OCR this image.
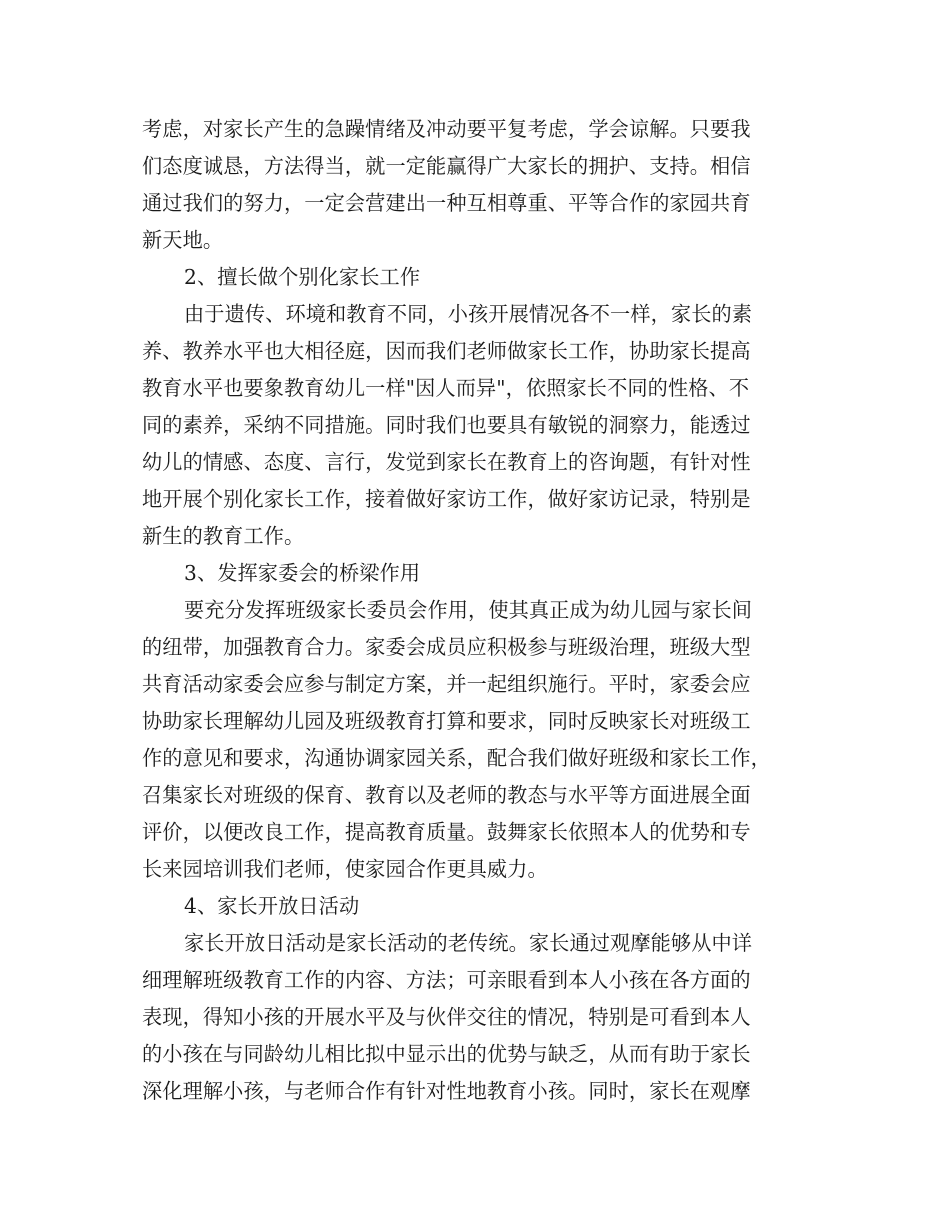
考虑，对家长产生的急躁情绪及冲动要平复考虑，学会谅解。只要我
们态度诚恳，方法得当，就一定能赢得广大家长的拥护、支持。相信
通过我们的努力，一定会营建出一种互相尊重、平等合作的家园共育
新天地。
2、擅长做个别化家长工作
由于遗传、环境和教育不同，小孩开展情况各不一样，家长的素
养、教养水平也大相径庭，因而我们老师做家长工作，协助家长提高
教育水平也要象教育幼儿一样"因人而异"，依照家长不同的性格、不
同的素养，采纳不同措施。同时我们也要具有敏锐的洞察力，能透过
幼儿的情感、态度、言行，发觉到家长在教育上的咨询题，有针对性
地开展个别化家长工作，接着做好家访工作，做好家访记录，特别是
新生的教育工作。
3、发挥家委会的桥梁作用
要充分发挥班级家长委员会作用，使其真正成为幼儿园与家长间
的纽带，加强教育合力。家委会成员应积极参与班级治理，班级大型
共育活动家委会应参与制定方案，并一起组织施行。平时，家委会应
协助家长理解幼儿园及班级教育打算和要求，同时反映家长对班级工
作的意见和要求，沟通协调家园关系，配合我们做好班级和家长工作，
召集家长对班级的保育、教育以及老师的教态与水平等方面进展全面
评价，以便改良工作，提高教育质量。鼓舞家长依照本人的优势和专
长来园培训我们老师，使家园合作更具威力。
4、家长开放日活动
家长开放日活动是家长活动的老传统。家长通过观摩能够从中详
细理解班级教育工作的内容、方法；可亲眼看到本人小孩在各方面的
表现，得知小孩的开展水平及与伙伴交往的情况，特别是可看到本人
的小孩在与同龄幼儿相比拟中显示出的优势与缺乏，从而有助于家长
深化理解小孩，与老师合作有针对性地教育小孩。同时，家长在观摩
